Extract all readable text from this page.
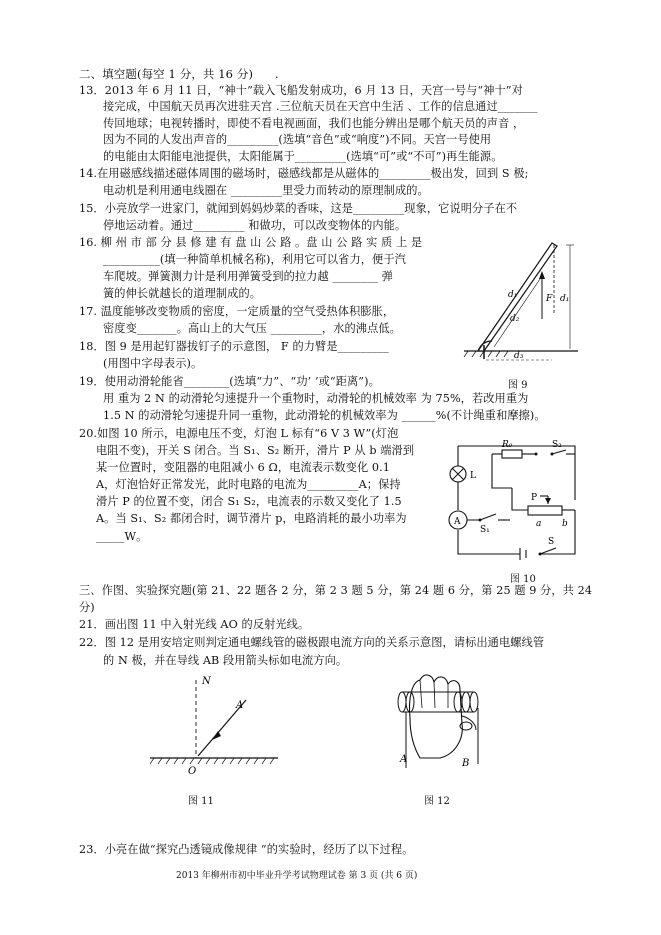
二、填空题(每空 1 分，共 16 分) .
13．2013 年 6 月 11 日，“神十”载入飞船发射成功，6 月 13 日，天宫一号与“神十”对
接完成，中国航天员再次进驻天宫 .三位航天员在天宫中生活 、工作的信息通过_______
传回地球；电视转播时，即使不看电视画面，我们也能分辨出是哪个航天员的声音 ，
因为不同的人发出声音的_________(选填“音色”或“响度”)不同。天宫一号使用
的电能由太阳能电池提供，太阳能属于_________(选填“可”或“不可”)再生能源。
14.在用磁感线描述磁体周围的磁场时，磁感线都是从磁体的_________极出发，回到 S 极;
电动机是利用通电线圈在 _________里受力而转动的原理制成的。
15．小亮放学一进家门，就闻到妈妈炒菜的香味，这是_________现象，它说明分子在不
停地运动着。通过_________ 和做功，可以改变物体的内能。
16. 柳 州 市 部 分 县 修 建 有 盘 山 公 路 。盘 山 公 路 实 质 上 是
__________(填一种简单机械名称)，利用它可以省力，便于汽
车爬坡。弹簧测力计是利用弹簧受到的拉力越 ________ 弹
簧的伸长就越长的道理制成的。
17. 温度能够改变物质的密度，一定质量的空气受热体积膨胀，
密度变_______。高山上的大气压 _________，水的沸点低。
18．图 9 是用起钉器拔钉子的示意图， F 的力臂是_________
(用图中字母表示)。
F
d₁
d₂
d₁
d₃
图 9
19．使用动滑轮能省________(选填“力”、“功’ ’或“距离”)。
用 重为 2 N 的动滑轮匀速提升一个重物时，动滑轮的机械效率 为 75%，若改用重为
1.5 N 的动滑轮匀速提升同一重物，此动滑轮的机械效率为 ______%(不计绳重和摩擦)。
20.如图 10 所示，电源电压不变，灯泡 L 标有“6 V 3 W”(灯泡
电阻不变)，开关 S 闭合。当 S₁、S₂ 断开，滑片 P 从 b 端滑到
某一位置时，变阻器的电阻减小 6 Ω，电流表示数变化 0.1
A，灯泡恰好正常发光，此时电路的电流为_________A；保持
滑片 P 的位置不变，闭合 S₁ S₂，电流表的示数又变化了 1.5
A。当 S₁、S₂ 都闭合时，调节滑片 p，电路消耗的最小功率为
_____W。
R₀	S₂
L
P
S₁
a b
A
S
图 10
三、作图、实验探究题(第 21、22 题各 2 分，第 2 3 题 5 分，第 24 题 6 分，第 25 题 9 分，共 24
分)
21．画出图 11 中入射光线 AO 的反射光线。
22．图 12 是用安培定则判定通电螺线管的磁极跟电流方向的关系示意图，请标出通电螺线管
的 N 极，并在导线 AB 段用箭头标如电流方向。
N
A
O
图 11
A	B
图 12
23．小亮在做“探究凸透镜成像规律 ”的实验时，经历了以下过程。
2013 年柳州市初中毕业升学考试物理试卷 第 3 页 (共 6 页)
